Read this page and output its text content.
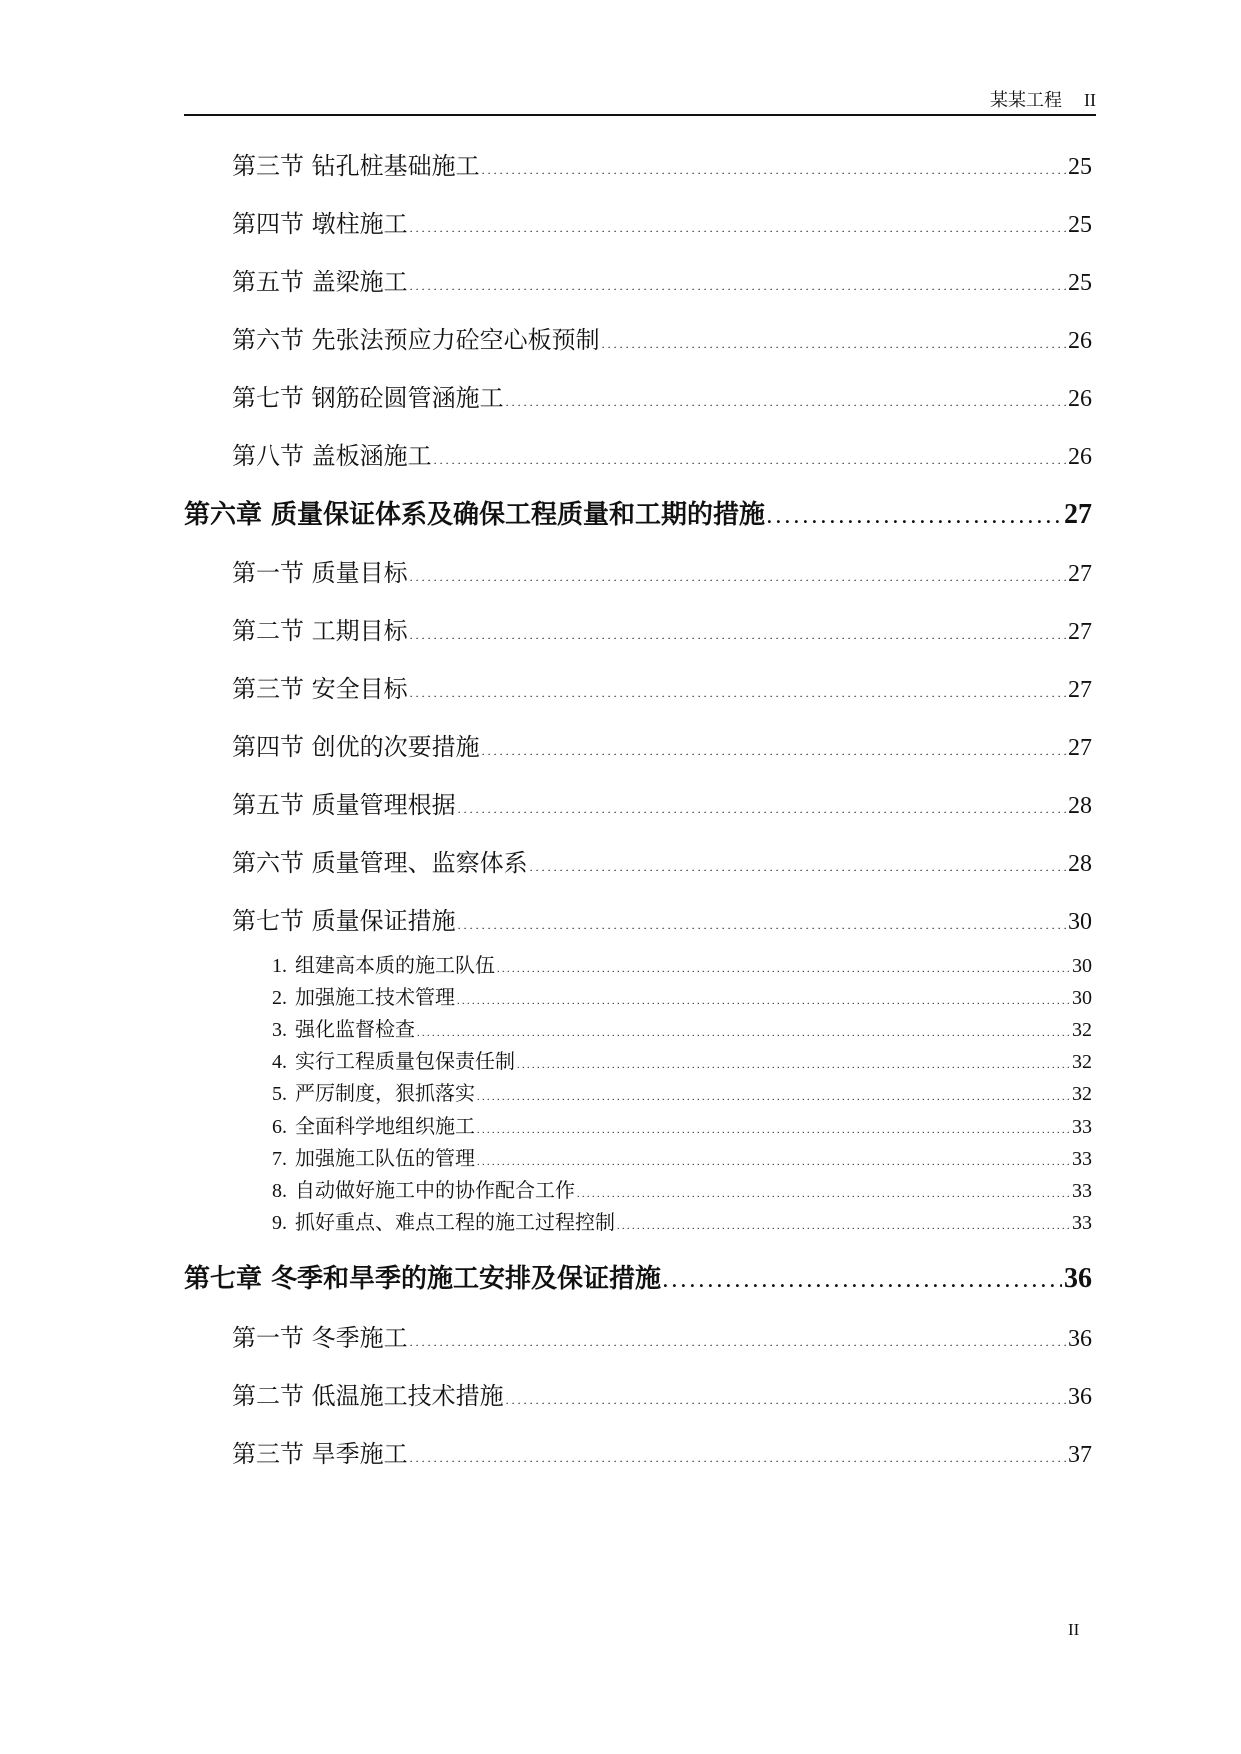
某某工程 II
第三节 钻孔桩基础施工 . . .	25
第四节 墩柱施工 . . .	25
第五节 盖梁施工 . . .	25
第六节 先张法预应力砼空心板预制 . . .	26
第七节 钢筋砼圆管涵施工 . . .	26
第八节 盖板涵施工 . . .	26
第六章 质量保证体系及确保工程质量和工期的措施 . . .	27
第一节 质量目标 . . .	27
第二节 工期目标 . . .	27
第三节 安全目标 . . .	27
第四节 创优的次要措施 . . .	27
第五节 质量管理根据 . . .	28
第六节 质量管理、监察体系 . . .	28
第七节 质量保证措施 . . .	30
1. 组建高本质的施工队伍 . . .	30
2. 加强施工技术管理 . . .	30
3. 强化监督检查 . . .	32
4. 实行工程质量包保责任制 . . .	32
5. 严厉制度，狠抓落实 . . .	32
6. 全面科学地组织施工 . . .	33
7. 加强施工队伍的管理 . . .	33
8. 自动做好施工中的协作配合工作 . . .	33
9. 抓好重点、难点工程的施工过程控制 . . .	33
第七章 冬季和旱季的施工安排及保证措施 . . .	36
第一节 冬季施工 . . .	36
第二节 低温施工技术措施 . . .	36
第三节 旱季施工 . . .	37
II
